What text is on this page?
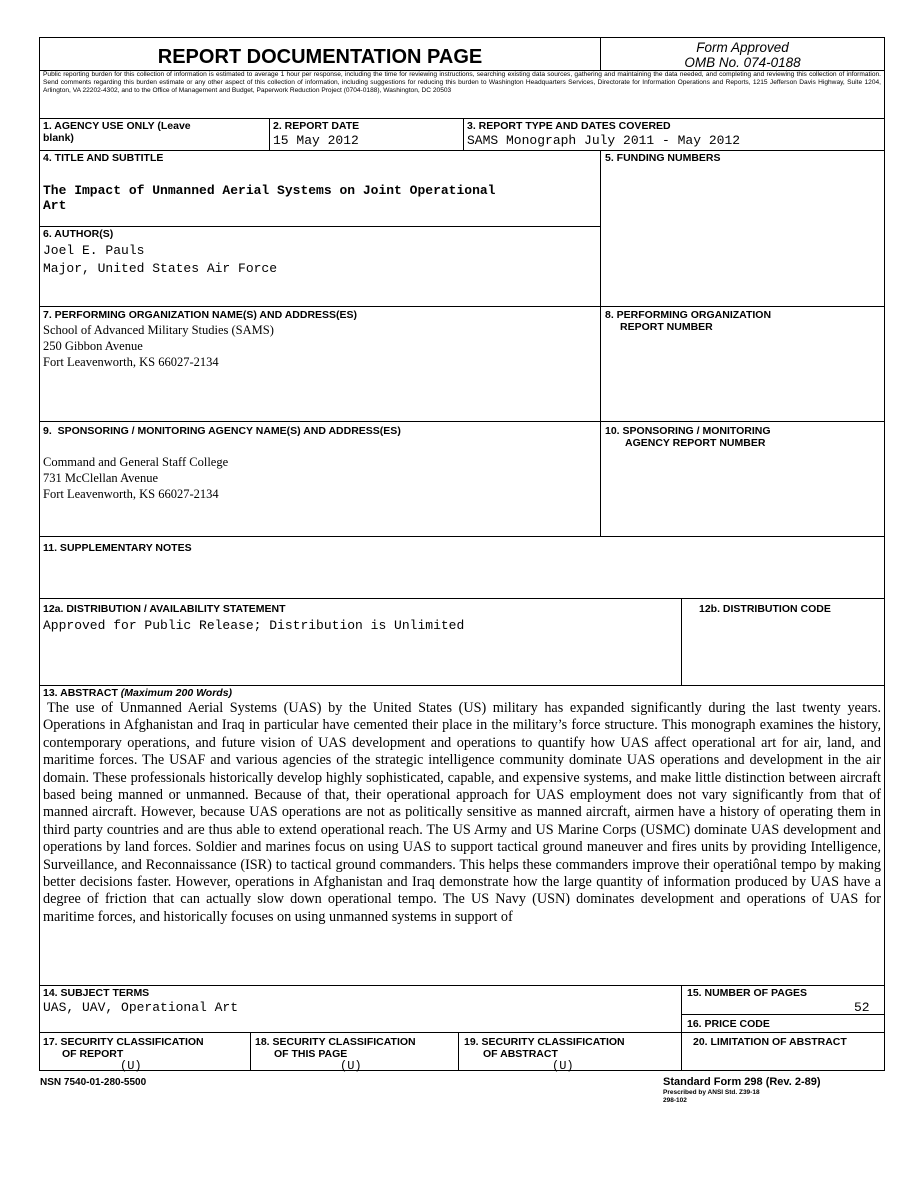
REPORT DOCUMENTATION PAGE	Form Approved
OMB No. 074-0188
Public reporting burden for this collection of information is estimated to average 1 hour per response, including the time for reviewing instructions, searching existing data sources, gathering and maintaining the data needed, and completing and reviewing this collection of information. Send comments regarding this burden estimate or any other aspect of this collection of information, including suggestions for reducing this burden to Washington Headquarters Services, Directorate for Information Operations and Reports, 1215 Jefferson Davis Highway, Suite 1204, Arlington, VA 22202-4302, and to the Office of Management and Budget, Paperwork Reduction Project (0704-0188), Washington, DC 20503
1. AGENCY USE ONLY (Leave
blank)
2. REPORT DATE
15 May 2012
3. REPORT TYPE AND DATES COVERED
SAMS Monograph July 2011 - May 2012
4. TITLE AND SUBTITLE
The Impact of Unmanned Aerial Systems on Joint Operational
Art
5. FUNDING NUMBERS
6. AUTHOR(S)
Joel E. Pauls
Major, United States Air Force
7. PERFORMING ORGANIZATION NAME(S) AND ADDRESS(ES)
School of Advanced Military Studies (SAMS)
250 Gibbon Avenue
Fort Leavenworth, KS 66027-2134
8. PERFORMING ORGANIZATION
REPORT NUMBER
9.  SPONSORING / MONITORING AGENCY NAME(S) AND ADDRESS(ES)
Command and General Staff College
731 McClellan Avenue
Fort Leavenworth, KS 66027-2134
10. SPONSORING / MONITORING
AGENCY REPORT NUMBER
11. SUPPLEMENTARY NOTES
12a. DISTRIBUTION / AVAILABILITY STATEMENT
Approved for Public Release; Distribution is Unlimited
12b. DISTRIBUTION CODE
13. ABSTRACT (Maximum 200 Words)

The use of Unmanned Aerial Systems (UAS) by the United States (US) military has expanded significantly during the last twenty years. Operations in Afghanistan and Iraq in particular have cemented their place in the military’s force structure. This monograph examines the history, contemporary operations, and future vision of UAS development and operations to quantify how UAS affect operational art for air, land, and maritime forces. The USAF and various agencies of the strategic intelligence community dominate UAS operations and development in the air domain. These professionals historically develop highly sophisticated, capable, and expensive systems, and make little distinction between aircraft based being manned or unmanned. Because of that, their operational approach for UAS employment does not vary significantly from that of manned aircraft. However, because UAS operations are not as politically sensitive as manned aircraft, airmen have a history of operating them in third party countries and are thus able to extend operational reach. The US Army and US Marine Corps (USMC) dominate UAS development and operations by land forces. Soldier and marines focus on using UAS to support tactical ground maneuver and fires units by providing Intelligence, Surveillance, and Reconnaissance (ISR) to tactical ground commanders. This helps these commanders improve their operatiônal tempo by making better decisions faster. However, operations in Afghanistan and Iraq demonstrate how the large quantity of information produced by UAS have a degree of friction that can actually slow down operational tempo. The US Navy (USN) dominates development and operations of UAS for maritime forces, and historically focuses on using unmanned systems in support of

14. SUBJECT TERMS
UAS, UAV, Operational Art
15. NUMBER OF PAGES
52
16. PRICE CODE
17. SECURITY CLASSIFICATION
OF REPORT
(U)
18. SECURITY CLASSIFICATION
OF THIS PAGE
(U)
19. SECURITY CLASSIFICATION
OF ABSTRACT
(U)
20. LIMITATION OF ABSTRACT
NSN 7540-01-280-5500	Standard Form 298 (Rev. 2-89)
Prescribed by ANSI Std. Z39-18
298-102
